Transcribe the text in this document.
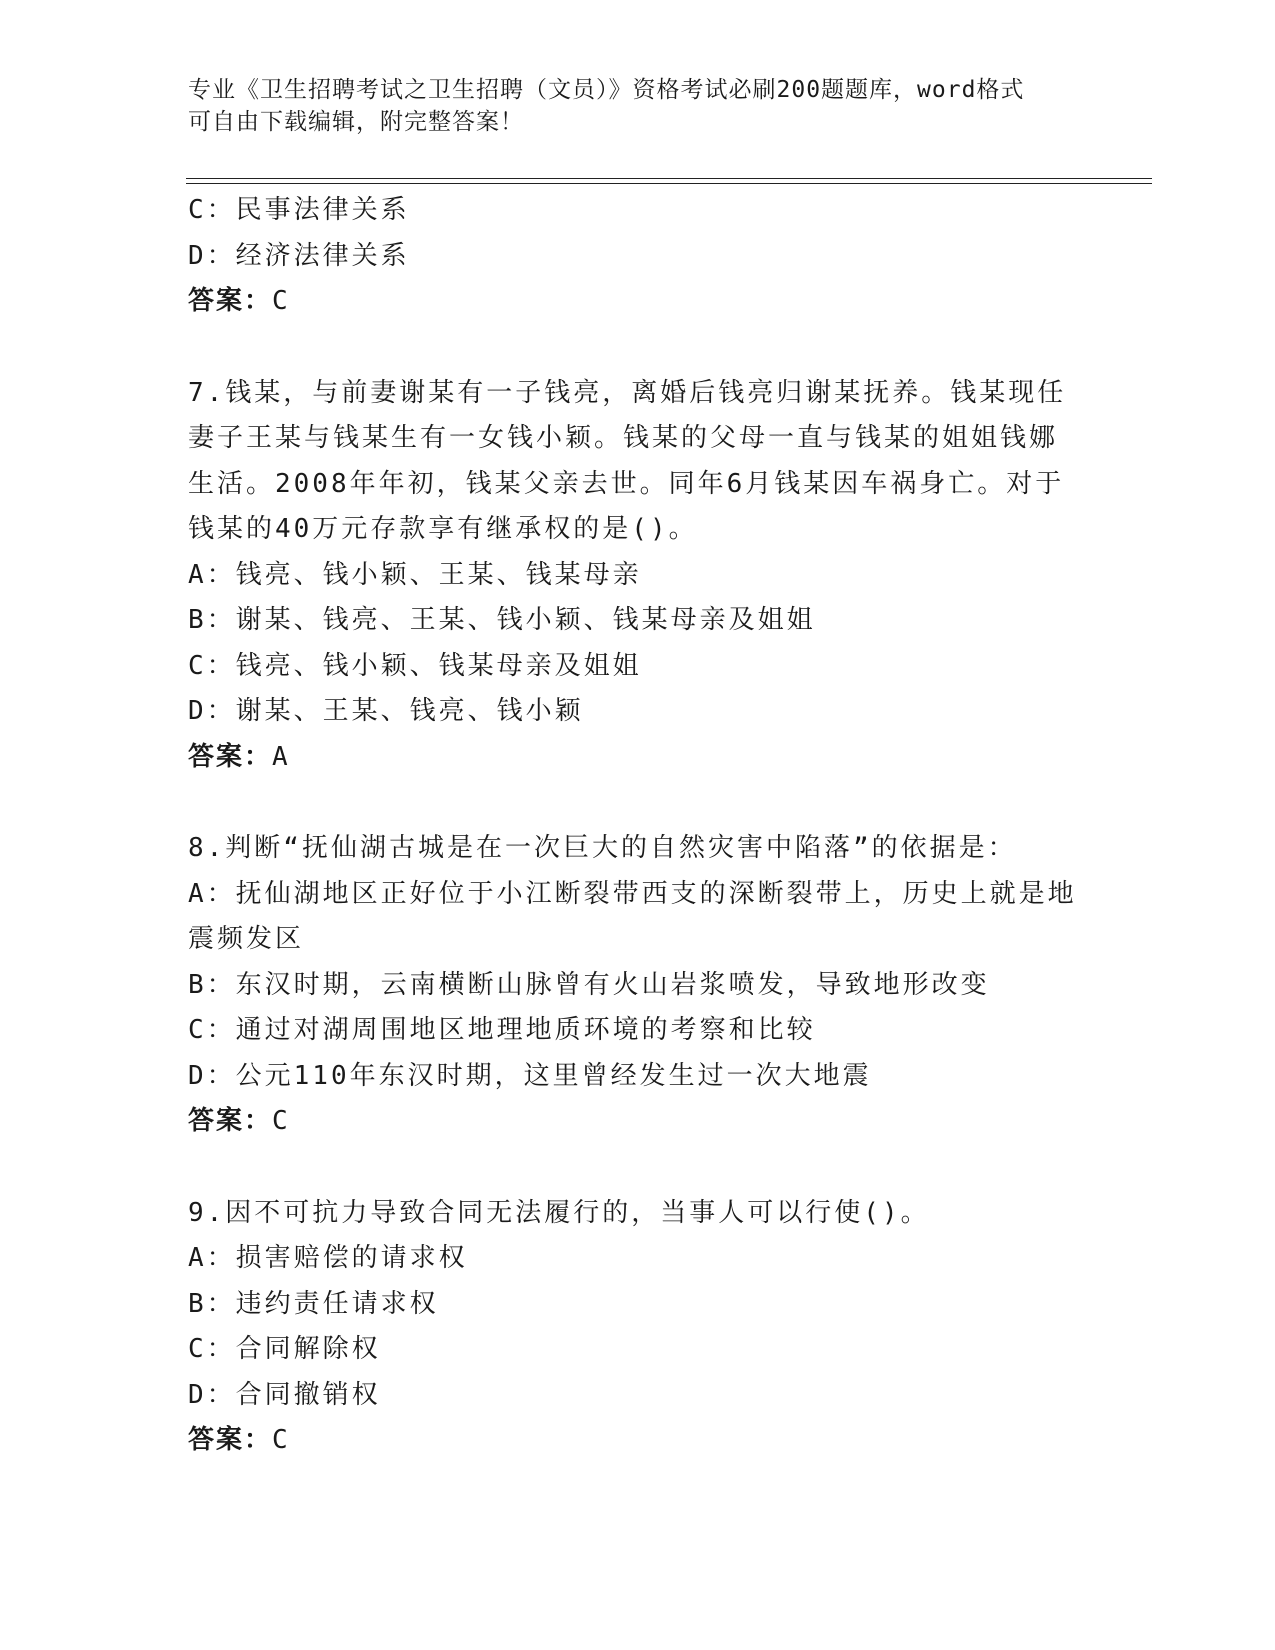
专业《卫生招聘考试之卫生招聘（文员）》资格考试必刷200题题库，word格式
可自由下载编辑，附完整答案！
C：民事法律关系
D：经济法律关系
答案：C
7.钱某，与前妻谢某有一子钱亮，离婚后钱亮归谢某抚养。钱某现任
妻子王某与钱某生有一女钱小颖。钱某的父母一直与钱某的姐姐钱娜
生活。2008年年初，钱某父亲去世。同年6月钱某因车祸身亡。对于
钱某的40万元存款享有继承权的是()。
A：钱亮、钱小颖、王某、钱某母亲
B：谢某、钱亮、王某、钱小颖、钱某母亲及姐姐
C：钱亮、钱小颖、钱某母亲及姐姐
D：谢某、王某、钱亮、钱小颖
答案：A
8.判断“抚仙湖古城是在一次巨大的自然灾害中陷落”的依据是：
A：抚仙湖地区正好位于小江断裂带西支的深断裂带上，历史上就是地
震频发区
B：东汉时期，云南横断山脉曾有火山岩浆喷发，导致地形改变
C：通过对湖周围地区地理地质环境的考察和比较
D：公元110年东汉时期，这里曾经发生过一次大地震
答案：C
9.因不可抗力导致合同无法履行的，当事人可以行使()。
A：损害赔偿的请求权
B：违约责任请求权
C：合同解除权
D：合同撤销权
答案：C
